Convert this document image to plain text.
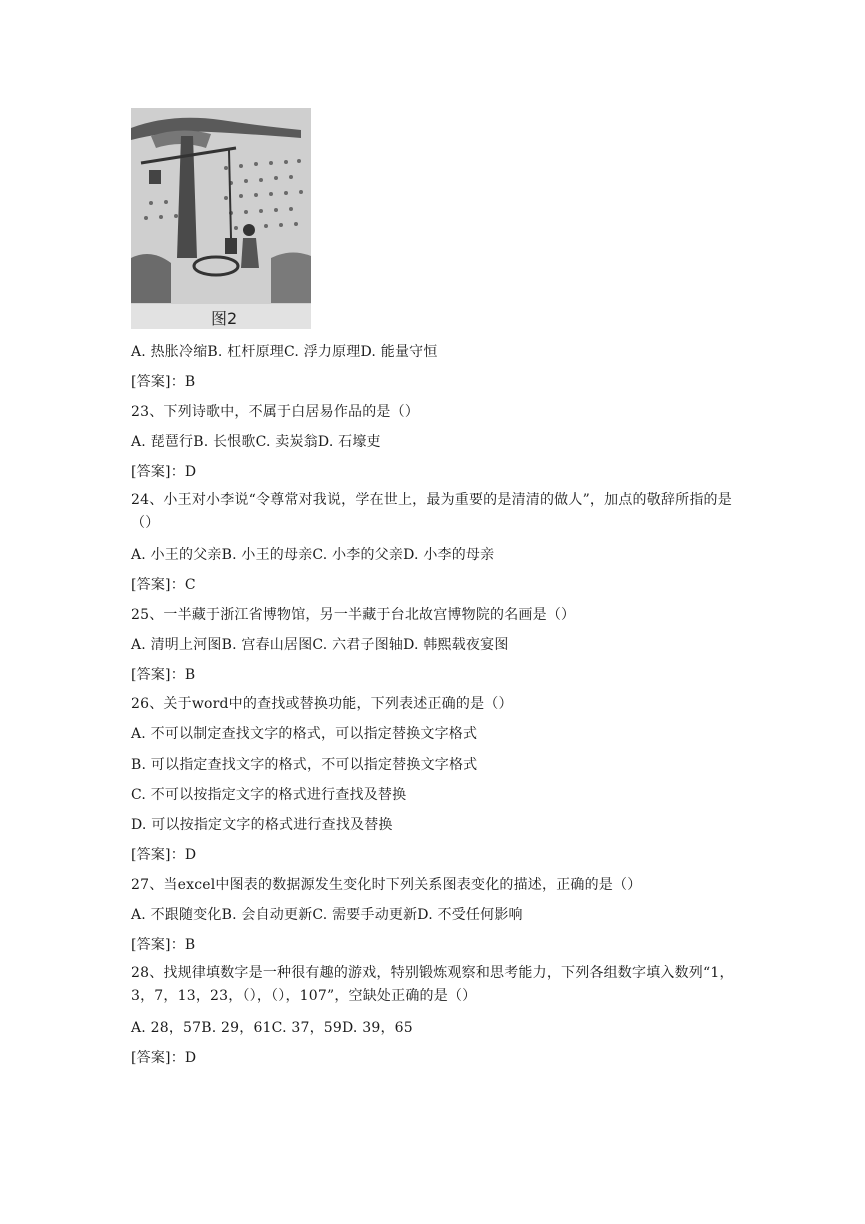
图2
A. 热胀冷缩B. 杠杆原理C. 浮力原理D. 能量守恒
[答案]：B
23、下列诗歌中，不属于白居易作品的是（）
A. 琵琶行B. 长恨歌C. 卖炭翁D. 石壕吏
[答案]：D
24、小王对小李说“令尊常对我说，学在世上，最为重要的是清清的做人”，加点的敬辞所指的是（）
A. 小王的父亲B. 小王的母亲C. 小李的父亲D. 小李的母亲
[答案]：C
25、一半藏于浙江省博物馆，另一半藏于台北故宫博物院的名画是（）
A. 清明上河图B. 宫春山居图C. 六君子图轴D. 韩熙载夜宴图
[答案]：B
26、关于word中的查找或替换功能，下列表述正确的是（）
A. 不可以制定查找文字的格式，可以指定替换文字格式
B. 可以指定查找文字的格式，不可以指定替换文字格式
C. 不可以按指定文字的格式进行查找及替换
D. 可以按指定文字的格式进行查找及替换
[答案]：D
27、当excel中图表的数据源发生变化时下列关系图表变化的描述，正确的是（）
A. 不跟随变化B. 会自动更新C. 需要手动更新D. 不受任何影响
[答案]：B
28、找规律填数字是一种很有趣的游戏，特别锻炼观察和思考能力，下列各组数字填入数列“1，3，7，13，23，（），（），107”，空缺处正确的是（）
A. 28，57B. 29，61C. 37，59D. 39，65
[答案]：D
